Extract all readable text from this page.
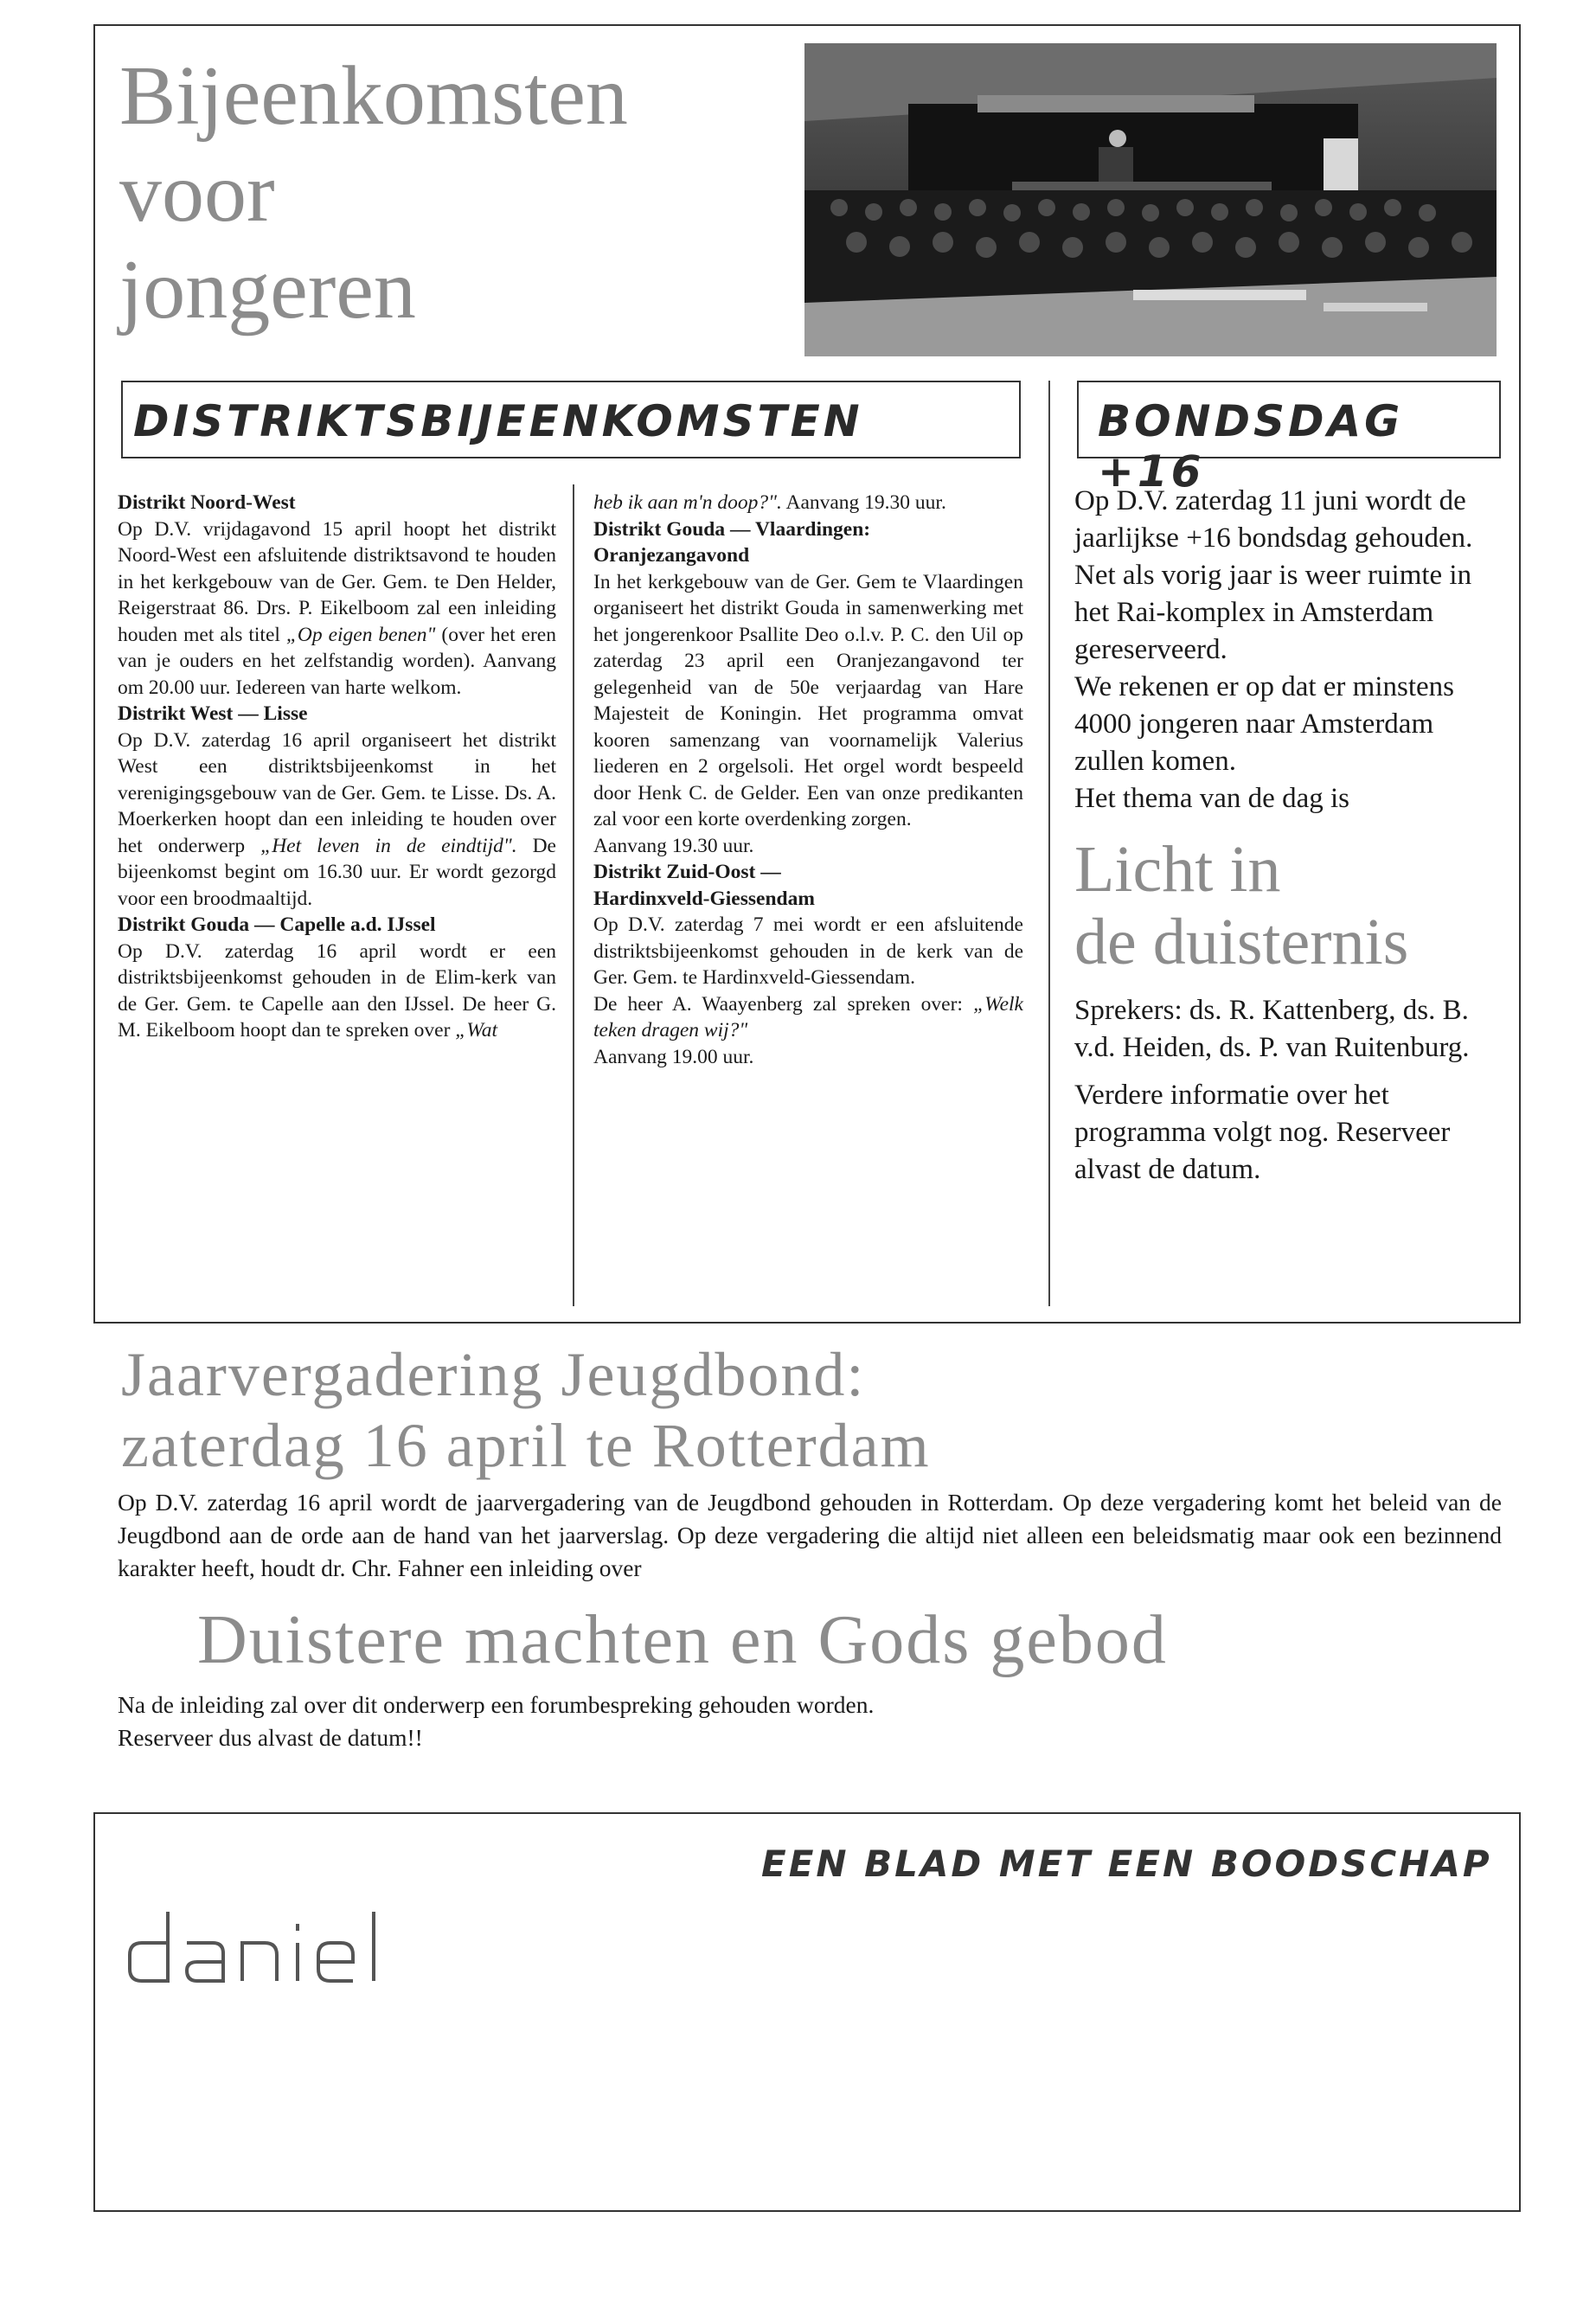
Bijeenkomsten
voor
jongeren
DISTRIKTSBIJEENKOMSTEN	BONDSDAG +16

Distrikt Noord-West

Op D.V. vrijdagavond 15 april hoopt het distrikt Noord-West een afsluitende distriktsavond te houden in het kerkgebouw van de Ger. Gem. te Den Helder, Reigerstraat 86. Drs. P. Eikelboom zal een inleiding houden met als titel „Op eigen benen" (over het eren van je ouders en het zelfstandig worden). Aanvang om 20.00 uur. Iedereen van harte welkom.

Distrikt West — Lisse

Op D.V. zaterdag 16 april organiseert het distrikt West een distriktsbijeenkomst in het verenigingsgebouw van de Ger. Gem. te Lisse. Ds. A. Moerkerken hoopt dan een inleiding te houden over het onderwerp „Het leven in de eindtijd". De bijeenkomst begint om 16.30 uur. Er wordt gezorgd voor een broodmaaltijd.

Distrikt Gouda — Capelle a.d. IJssel

Op D.V. zaterdag 16 april wordt er een distriktsbijeenkomst gehouden in de Elim-kerk van de Ger. Gem. te Capelle aan den IJssel. De heer G. M. Eikelboom hoopt dan te spreken over „Wat

heb ik aan m'n doop?". Aanvang 19.30 uur.

Distrikt Gouda — Vlaardingen:

Oranjezangavond

In het kerkgebouw van de Ger. Gem te Vlaardingen organiseert het distrikt Gouda in samenwerking met het jongerenkoor Psallite Deo o.l.v. P. C. den Uil op zaterdag 23 april een Oranjezangavond ter gelegenheid van de 50e verjaardag van Hare Majesteit de Koningin. Het programma omvat kooren samenzang van voornamelijk Valerius liederen en 2 orgelsoli. Het orgel wordt bespeeld door Henk C. de Gelder. Een van onze predikanten zal voor een korte overdenking zorgen.

Aanvang 19.30 uur.

Distrikt Zuid-Oost —

Hardinxveld-Giessendam

Op D.V. zaterdag 7 mei wordt er een afsluitende distriktsbijeenkomst gehouden in de kerk van de Ger. Gem. te Hardinxveld-Giessendam.

De heer A. Waayenberg zal spreken over: „Welk teken dragen wij?"

Aanvang 19.00 uur.

Op D.V. zaterdag 11 juni wordt de jaarlijkse +16 bondsdag gehouden. Net als vorig jaar is weer ruimte in het Rai-komplex in Amsterdam gereserveerd.

We rekenen er op dat er minstens 4000 jongeren naar Amsterdam zullen komen.

Het thema van de dag is

Licht in

de duisternis

Sprekers: ds. R. Kattenberg, ds. B. v.d. Heiden, ds. P. van Ruitenburg.

Verdere informatie over het programma volgt nog. Reserveer alvast de datum.

Jaarvergadering Jeugdbond:
zaterdag 16 april te Rotterdam

Op D.V. zaterdag 16 april wordt de jaarvergadering van de Jeugdbond gehouden in Rotterdam. Op deze vergadering komt het beleid van de Jeugdbond aan de orde aan de hand van het jaarverslag. Op deze vergadering die altijd niet alleen een beleidsmatig maar ook een bezinnend karakter heeft, houdt dr. Chr. Fahner een inleiding over

Duistere machten en Gods gebod

Na de inleiding zal over dit onderwerp een forumbespreking gehouden worden.

Reserveer dus alvast de datum!!

EEN BLAD MET EEN BOODSCHAP
